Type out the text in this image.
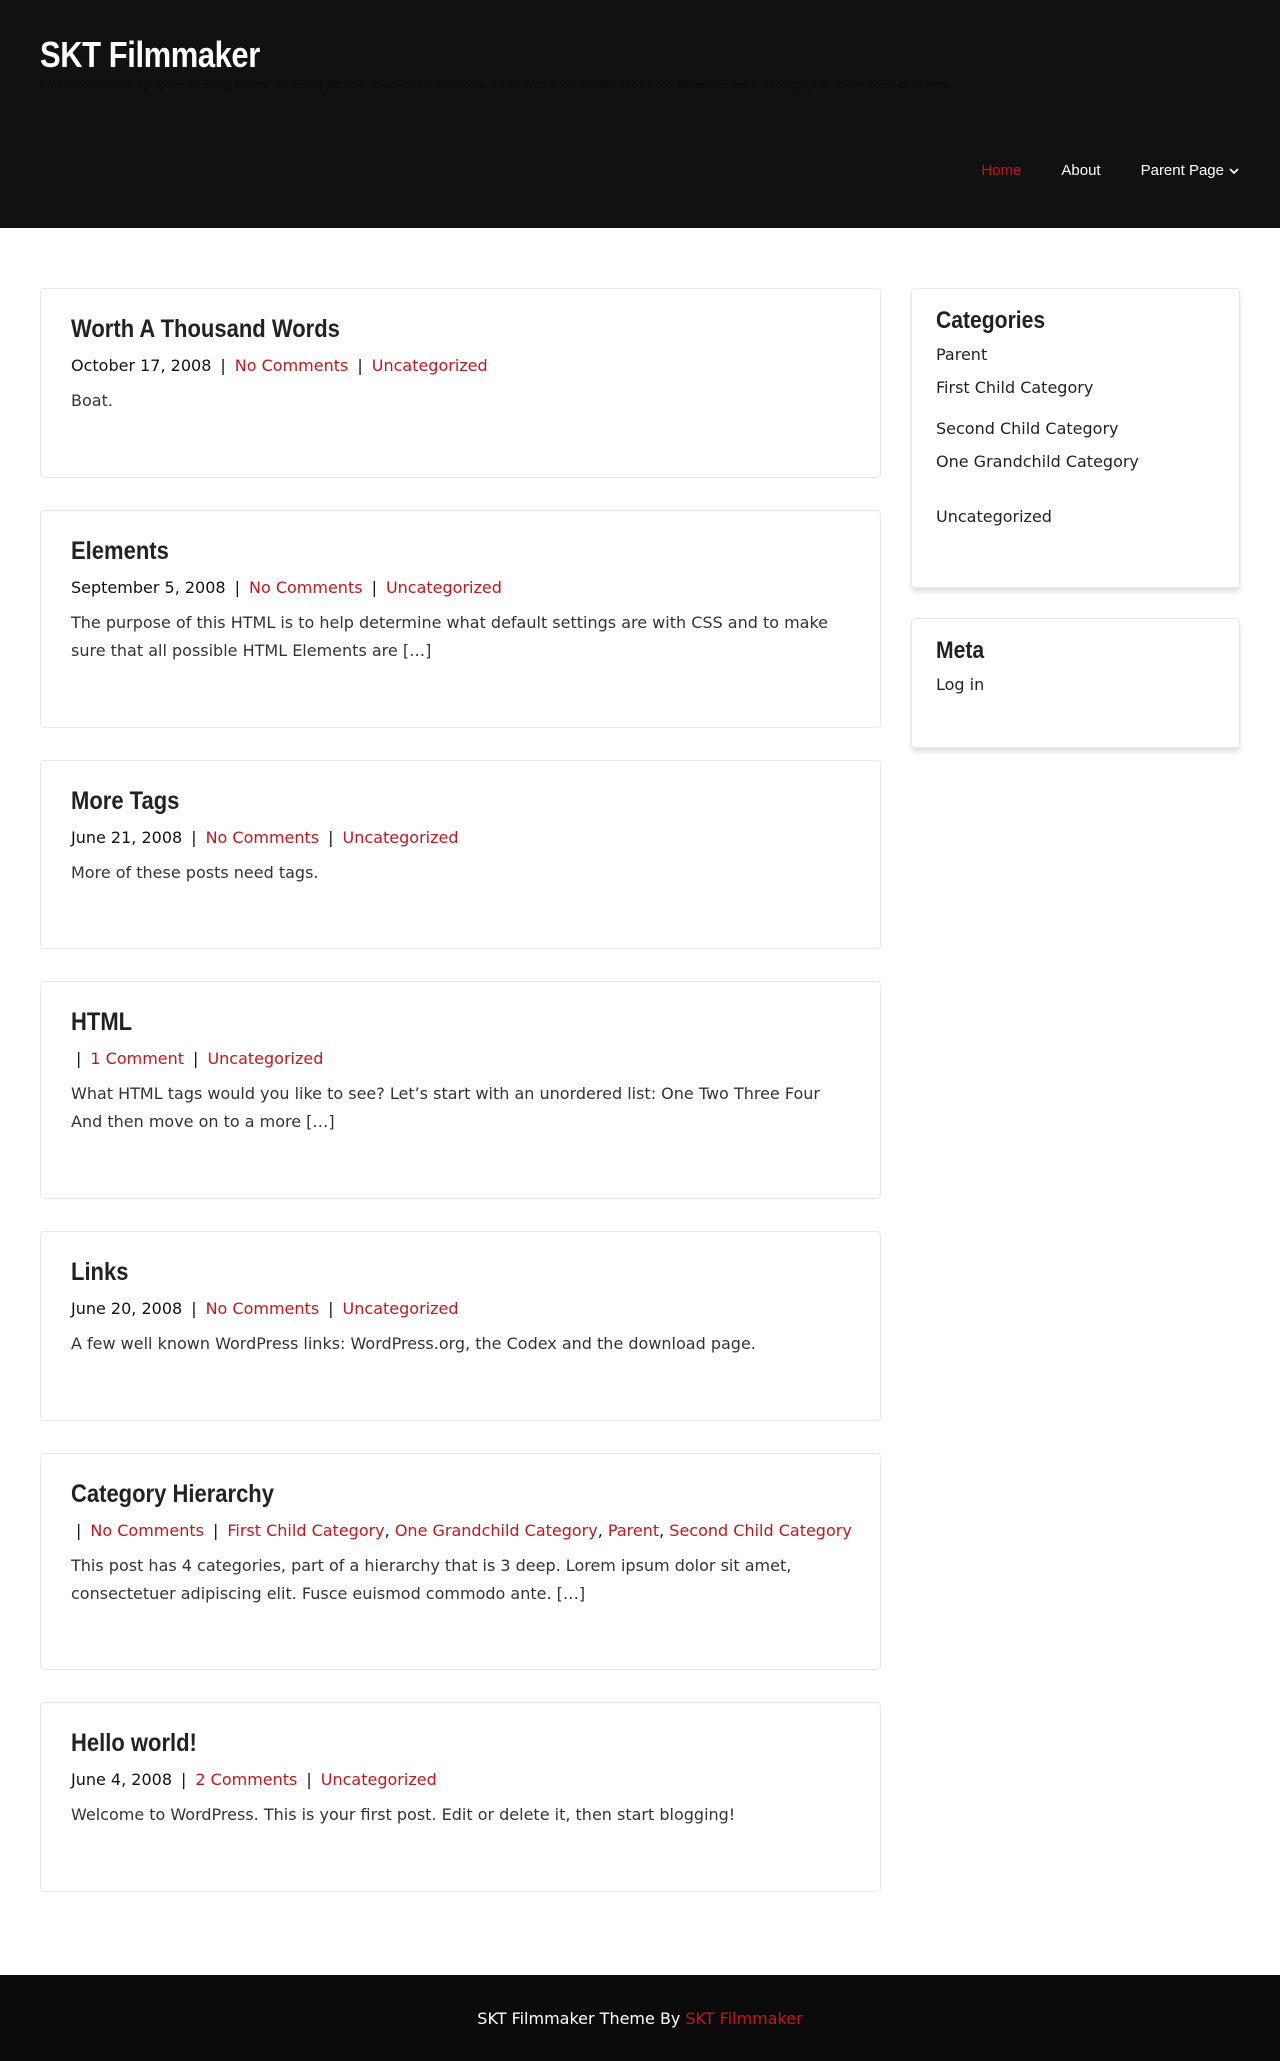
SKT Filmmaker
Filmmaker is a videographer, wedding shoots, modelling portfolio, outdoor media, movie, TV, fashion show, online video store, cinema reviews, photographer to showcase their work
Home	About	Parent Page
Worth A Thousand Words
October 17, 2008 | No Comments | Uncategorized
Boat.
Elements
September 5, 2008 | No Comments | Uncategorized
The purpose of this HTML is to help determine what default settings are with CSS and to make sure that all possible HTML Elements are […]
More Tags
June 21, 2008 | No Comments | Uncategorized
More of these posts need tags.
HTML
| 1 Comment | Uncategorized
What HTML tags would you like to see? Let’s start with an unordered list: One Two Three Four And then move on to a more […]
Links
June 20, 2008 | No Comments | Uncategorized
A few well known WordPress links: WordPress.org, the Codex and the download page.
Category Hierarchy
| No Comments | First Child Category, One Grandchild Category, Parent, Second Child Category
This post has 4 categories, part of a hierarchy that is 3 deep. Lorem ipsum dolor sit amet, consectetuer adipiscing elit. Fusce euismod commodo ante. […]
Hello world!
June 4, 2008 | 2 Comments | Uncategorized
Welcome to WordPress. This is your first post. Edit or delete it, then start blogging!
Categories
Parent
First Child Category
Second Child Category
One Grandchild Category
Uncategorized
Meta
Log in
SKT Filmmaker Theme By SKT Filmmaker
